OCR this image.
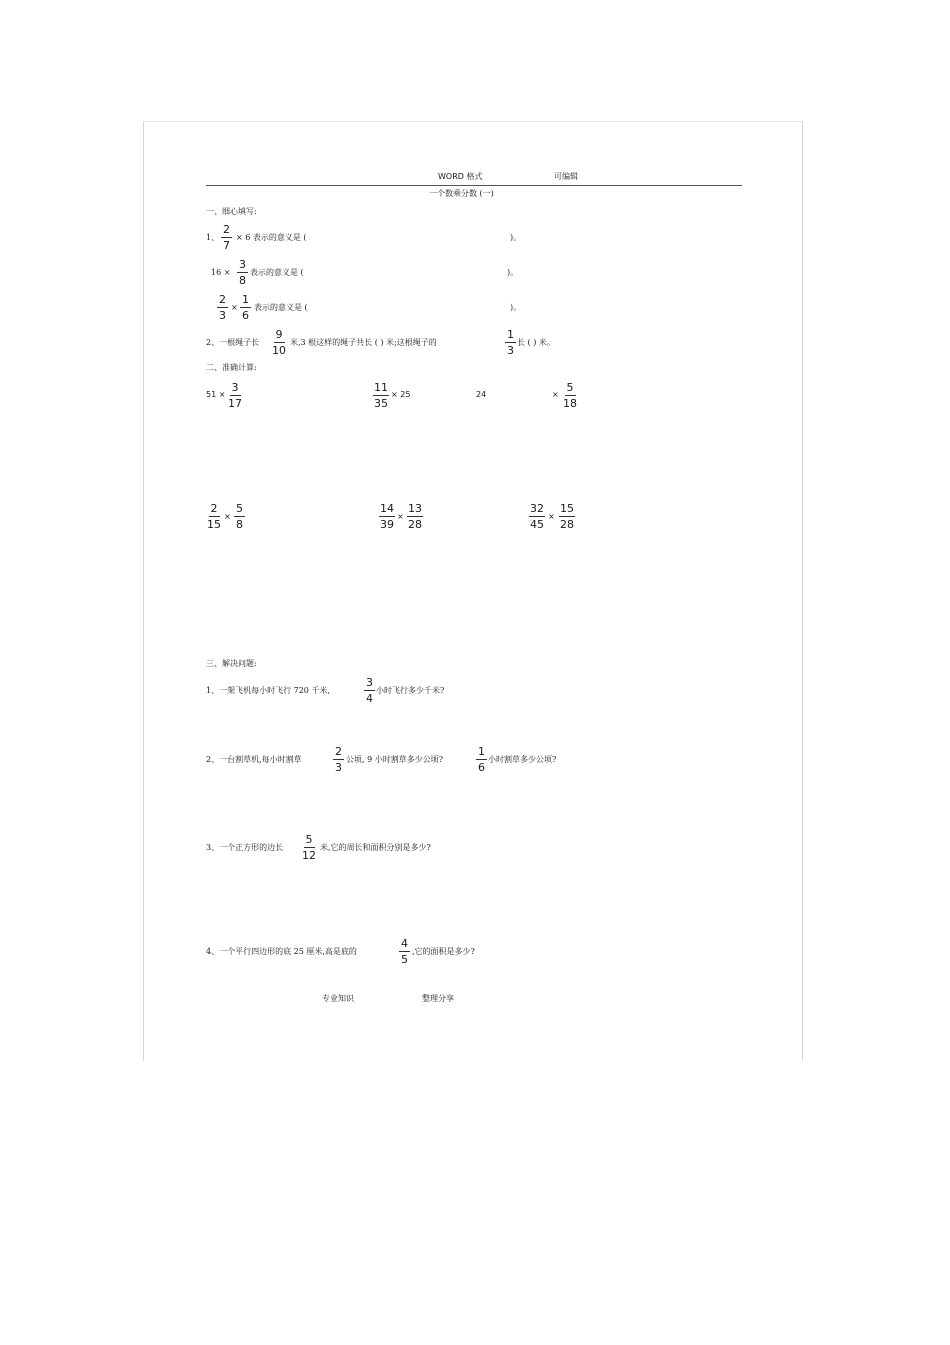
WORD 格式	可编辑
一个数乘分数 (一)
一、细心填写:
1、 $\frac{2}{7} \times 6$ 表示的意义是 (	)。
$16 \times \frac{3}{8}$ 表示的意义是 (	)。
$\frac{2}{3} \times \frac{1}{6}$ 表示的意义是 (	)。
2、一根绳子长 $\frac{9}{10}$ 米,3 根这样的绳子共长 ( ) 米;这根绳子的	$\frac{1}{3}$ 长 ( ) 米。
二、准确计算:
$51 \times \frac{3}{17}$	$\frac{11}{35} \times 25$	24	× $\frac{5}{18}$
$\frac{2}{15} \times \frac{5}{8}$	$\frac{14}{39} \times \frac{13}{28}$	$\frac{32}{45} \times \frac{15}{28}$
三、解决问题:
1、一架飞机每小时飞行 720 千米,	$\frac{3}{4}$ 小时飞行多少千米?
2、一台割草机,每小时割草	$\frac{2}{3}$ 公顷, 9 小时割草多少公顷?	$\frac{1}{6}$ 小时割草多少公顷?
3、一个正方形的边长 $\frac{5}{12}$ 米,它的周长和面积分别是多少?
4、一个平行四边形的底 25 厘米,高是底的	$\frac{4}{5}$ ,它的面积是多少?
专业知识	整理分享
